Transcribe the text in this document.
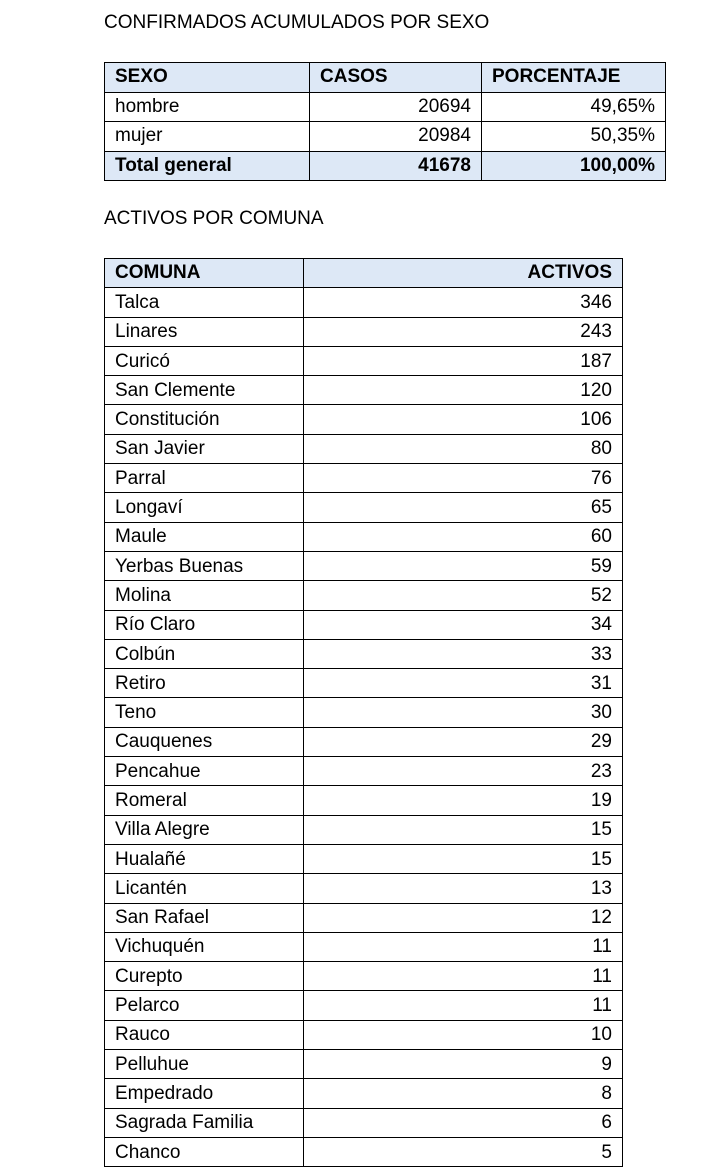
CONFIRMADOS ACUMULADOS POR SEXO
SEXO	CASOS	PORCENTAJE
hombre	20694	49,65%
mujer	20984	50,35%
Total general	41678	100,00%
ACTIVOS POR COMUNA
COMUNA	ACTIVOS
Talca	346
Linares	243
Curicó	187
San Clemente	120
Constitución	106
San Javier	80
Parral	76
Longaví	65
Maule	60
Yerbas Buenas	59
Molina	52
Río Claro	34
Colbún	33
Retiro	31
Teno	30
Cauquenes	29
Pencahue	23
Romeral	19
Villa Alegre	15
Hualañé	15
Licantén	13
San Rafael	12
Vichuquén	11
Curepto	11
Pelarco	11
Rauco	10
Pelluhue	9
Empedrado	8
Sagrada Familia	6
Chanco	5
